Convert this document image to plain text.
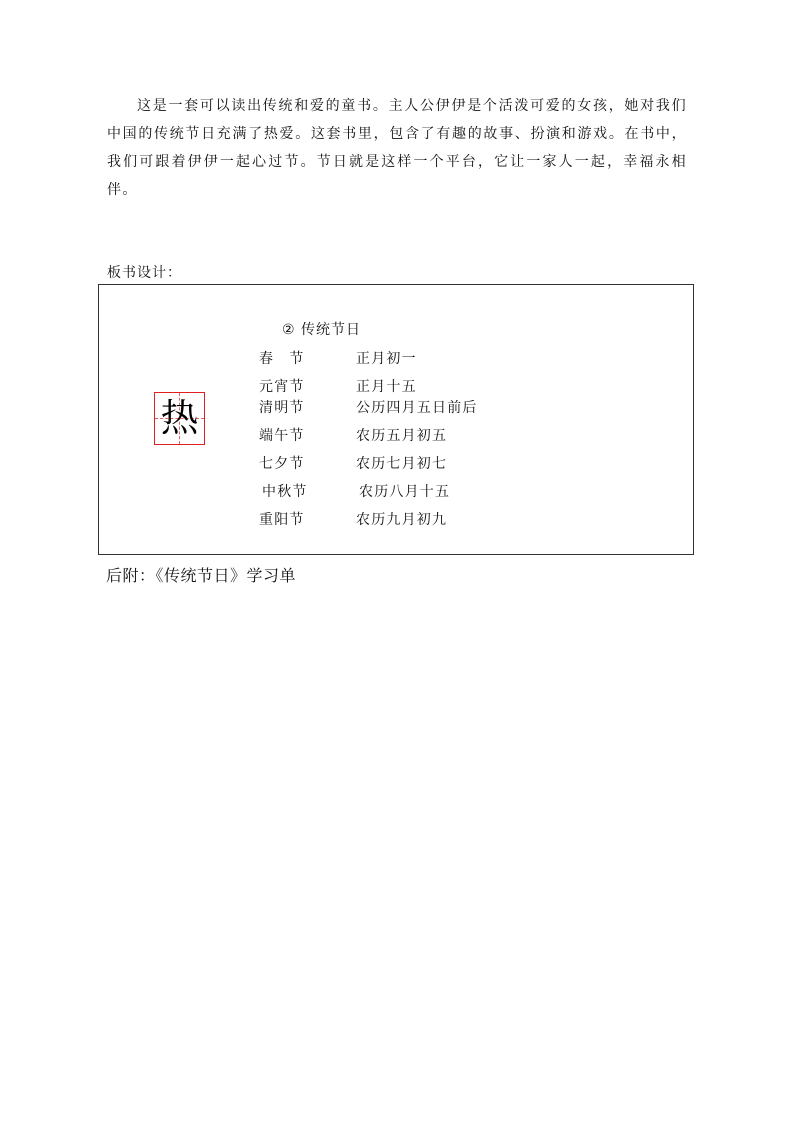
这是一套可以读出传统和爱的童书。主人公伊伊是个活泼可爱的女孩，她对我们中国的传统节日充满了热爱。这套书里，包含了有趣的故事、扮演和游戏。在书中，我们可跟着伊伊一起心过节。节日就是这样一个平台，它让一家人一起，幸福永相伴。

板书设计：
热
② 传统节日
春　节	正月初一
元宵节	正月十五
清明节	公历四月五日前后
端午节	农历五月初五
七夕节	农历七月初七
中秋节	农历八月十五
重阳节	农历九月初九
后附：《传统节日》学习单
